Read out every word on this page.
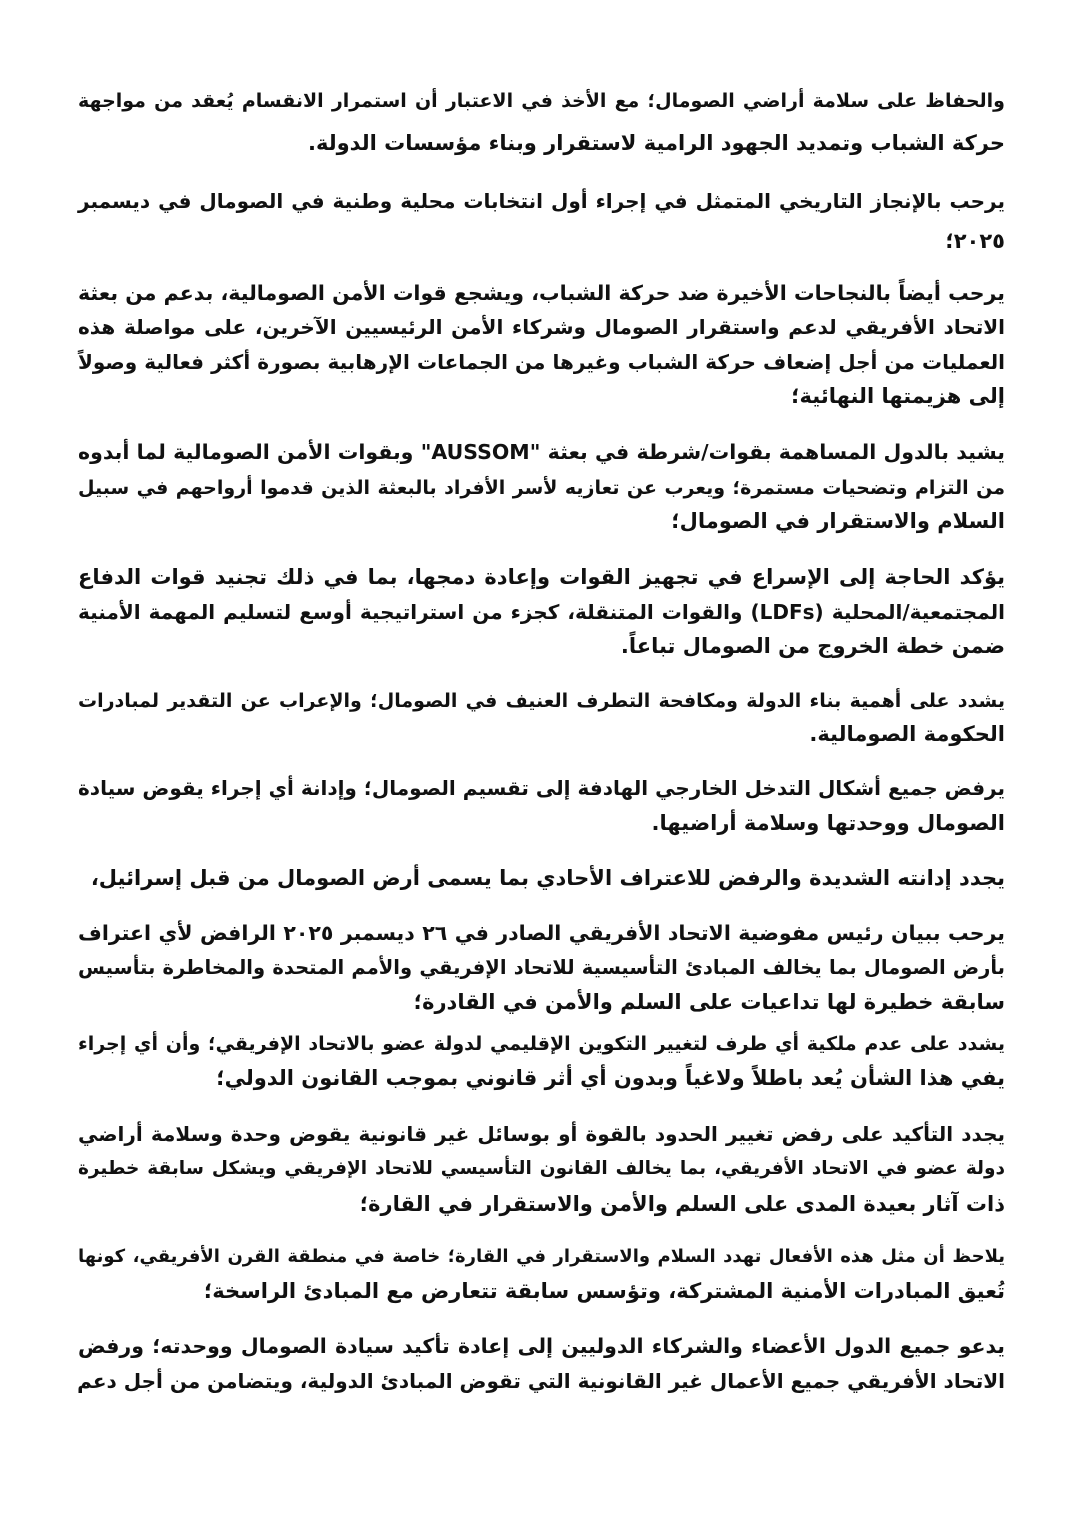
والحفاظ على سلامة أراضي الصومال؛ مع الأخذ في الاعتبار أن استمرار الانقسام يُعقد من مواجهة
حركة الشباب وتمديد الجهود الرامية لاستقرار وبناء مؤسسات الدولة.
يرحب بالإنجاز التاريخي المتمثل في إجراء أول انتخابات محلية وطنية في الصومال في ديسمبر
٢٠٢٥؛
يرحب أيضاً بالنجاحات الأخيرة ضد حركة الشباب، ويشجع قوات الأمن الصومالية، بدعم من بعثة
الاتحاد الأفريقي لدعم واستقرار الصومال وشركاء الأمن الرئيسيين الآخرين، على مواصلة هذه
العمليات من أجل إضعاف حركة الشباب وغيرها من الجماعات الإرهابية بصورة أكثر فعالية وصولاً
إلى هزيمتها النهائية؛
يشيد بالدول المساهمة بقوات/شرطة في بعثة "AUSSOM" وبقوات الأمن الصومالية لما أبدوه
من التزام وتضحيات مستمرة؛ ويعرب عن تعازيه لأسر الأفراد بالبعثة الذين قدموا أرواحهم في سبيل
السلام والاستقرار في الصومال؛
يؤكد الحاجة إلى الإسراع في تجهيز القوات وإعادة دمجها، بما في ذلك تجنيد قوات الدفاع
المجتمعية/المحلية (LDFs) والقوات المتنقلة، كجزء من استراتيجية أوسع لتسليم المهمة الأمنية
ضمن خطة الخروج من الصومال تباعاً.
يشدد على أهمية بناء الدولة ومكافحة التطرف العنيف في الصومال؛ والإعراب عن التقدير لمبادرات
الحكومة الصومالية.
يرفض جميع أشكال التدخل الخارجي الهادفة إلى تقسيم الصومال؛ وإدانة أي إجراء يقوض سيادة
الصومال ووحدتها وسلامة أراضيها.
يجدد إدانته الشديدة والرفض للاعتراف الأحادي بما يسمى أرض الصومال من قبل إسرائيل،
يرحب ببيان رئيس مفوضية الاتحاد الأفريقي الصادر في ٢٦ ديسمبر ٢٠٢٥ الرافض لأي اعتراف
بأرض الصومال بما يخالف المبادئ التأسيسية للاتحاد الإفريقي والأمم المتحدة والمخاطرة بتأسيس
سابقة خطيرة لها تداعيات على السلم والأمن في القادرة؛
يشدد على عدم ملكية أي طرف لتغيير التكوين الإقليمي لدولة عضو بالاتحاد الإفريقي؛ وأن أي إجراء
يفي هذا الشأن يُعد باطلاً ولاغياً وبدون أي أثر قانوني بموجب القانون الدولي؛
يجدد التأكيد على رفض تغيير الحدود بالقوة أو بوسائل غير قانونية يقوض وحدة وسلامة أراضي
دولة عضو في الاتحاد الأفريقي، بما يخالف القانون التأسيسي للاتحاد الإفريقي ويشكل سابقة خطيرة
ذات آثار بعيدة المدى على السلم والأمن والاستقرار في القارة؛
يلاحظ أن مثل هذه الأفعال تهدد السلام والاستقرار في القارة؛ خاصة في منطقة القرن الأفريقي، كونها
تُعيق المبادرات الأمنية المشتركة، وتؤسس سابقة تتعارض مع المبادئ الراسخة؛
يدعو جميع الدول الأعضاء والشركاء الدوليين إلى إعادة تأكيد سيادة الصومال ووحدته؛ ورفض
الاتحاد الأفريقي جميع الأعمال غير القانونية التي تقوض المبادئ الدولية، ويتضامن من أجل دعم
